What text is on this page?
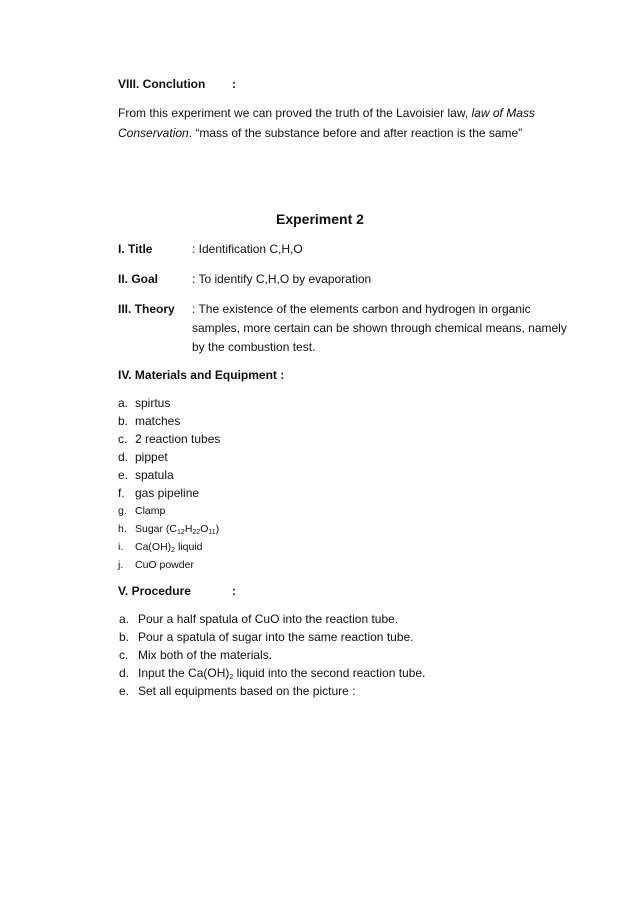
VIII. Conclution :
From this experiment we can proved the truth of the Lavoisier law, law of Mass
Conservation. “mass of the substance before and after reaction is the same”
Experiment 2
I. Title	: Identification C,H,O
II. Goal	: To identify C,H,O by evaporation
III. Theory : The existence of the elements carbon and hydrogen in organic
samples, more certain can be shown through chemical means, namely
by the combustion test.
IV. Materials and Equipment :
a. spirtus
b. matches
c. 2 reaction tubes
d. pippet
e. spatula
f. gas pipeline
g. Clamp
h. Sugar $(C_{12}H_{22}O_{11})$
i. $Ca(OH)_2$ liquid
j. CuO powder
V. Procedure	:
a. Pour a half spatula of CuO into the reaction tube.
b. Pour a spatula of sugar into the same reaction tube.
c. Mix both of the materials.
d. Input the $Ca(OH)_2$ liquid into the second reaction tube.
e. Set all equipments based on the picture :
